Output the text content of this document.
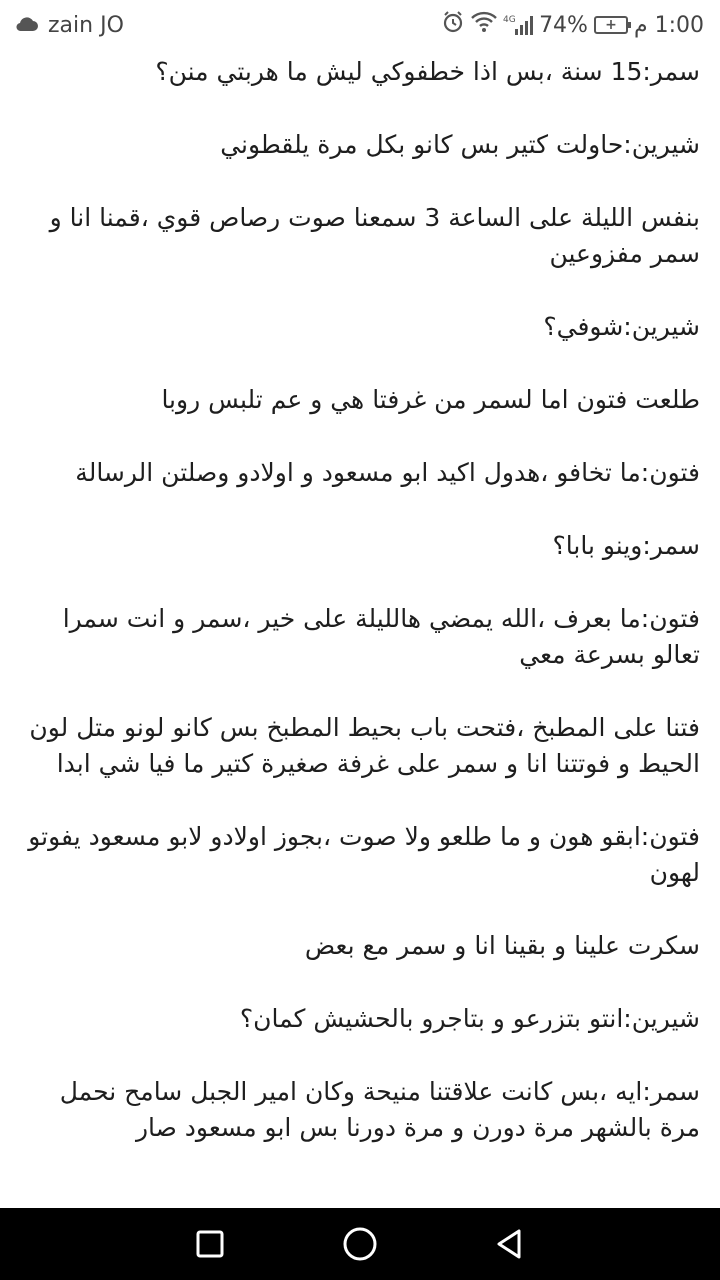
zain JO	4G 74%	+ 1:00 م

سمر:15 سنة ،بس اذا خطفوكي ليش ما هربتي منن؟

شيرين:حاولت كتير بس كانو بكل مرة يلقطوني

بنفس الليلة على الساعة 3 سمعنا صوت رصاص قوي ،قمنا انا و سمر مفزوعين

شيرين:شوفي؟

طلعت فتون اما لسمر من غرفتا هي و عم تلبس روبا

فتون:ما تخافو ،هدول اكيد ابو مسعود و اولادو وصلتن الرسالة

سمر:وينو بابا؟

فتون:ما بعرف ،الله يمضي هالليلة على خير ،سمر و انت سمرا تعالو بسرعة معي

فتنا على المطبخ ،فتحت باب بحيط المطبخ بس كانو لونو متل لون الحيط و فوتتنا انا و سمر على غرفة صغيرة كتير ما فيا شي ابدا

فتون:ابقو هون و ما طلعو ولا صوت ،بجوز اولادو لابو مسعود يفوتو لهون

سكرت علينا و بقينا انا و سمر مع بعض

شيرين:انتو بتزرعو و بتاجرو بالحشيش كمان؟

سمر:ايه ،بس كانت علاقتنا منيحة وكان امير الجبل سامح نحمل مرة بالشهر مرة دورن و مرة دورنا بس ابو مسعود صار
